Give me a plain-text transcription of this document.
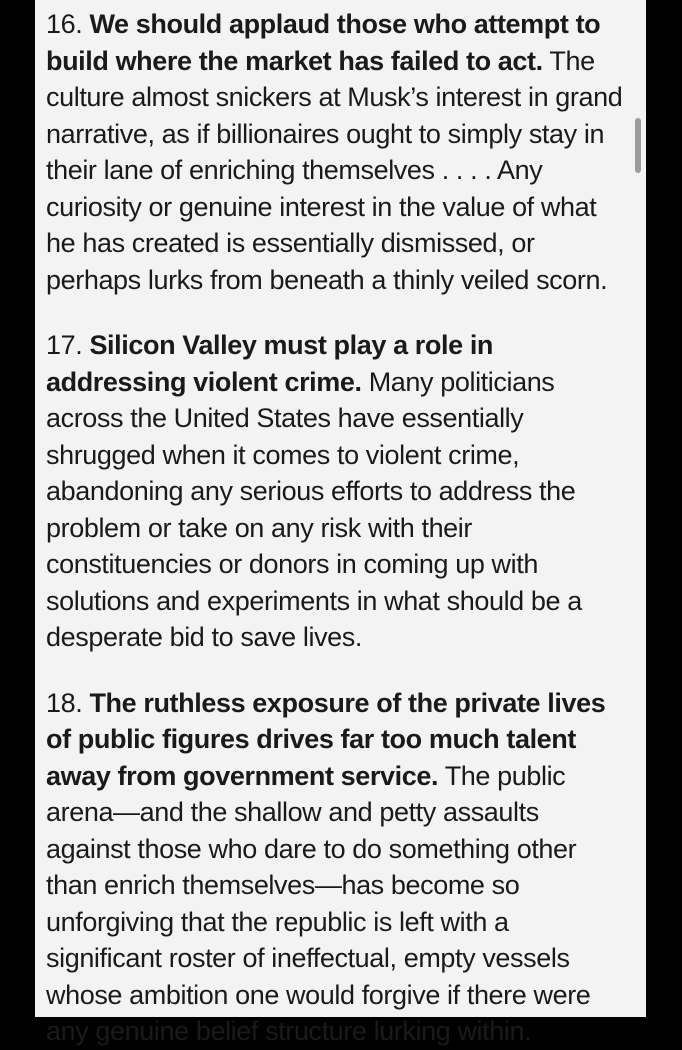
16. We should applaud those who attempt to build where the market has failed to act. The culture almost snickers at Musk’s interest in grand narrative, as if billionaires ought to simply stay in their lane of enriching themselves . . . . Any curiosity or genuine interest in the value of what he has created is essentially dismissed, or perhaps lurks from beneath a thinly veiled scorn.

17. Silicon Valley must play a role in addressing violent crime. Many politicians across the United States have essentially shrugged when it comes to violent crime, abandoning any serious efforts to address the problem or take on any risk with their constituencies or donors in coming up with solutions and experiments in what should be a desperate bid to save lives.

18. The ruthless exposure of the private lives of public figures drives far too much talent away from government service. The public arena—and the shallow and petty assaults against those who dare to do something other than enrich themselves—has become so unforgiving that the republic is left with a significant roster of ineffectual, empty vessels whose ambition one would forgive if there were any genuine belief structure lurking within.
